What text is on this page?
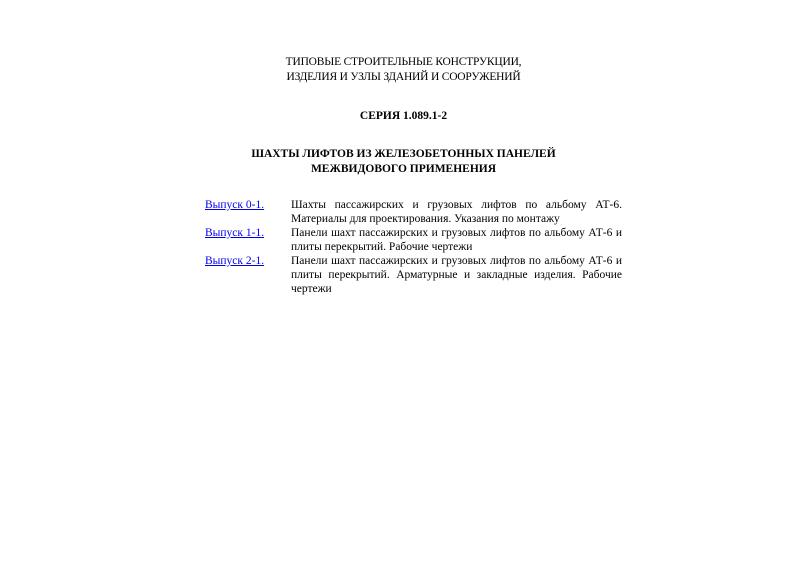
ТИПОВЫЕ СТРОИТЕЛЬНЫЕ КОНСТРУКЦИИ,
ИЗДЕЛИЯ И УЗЛЫ ЗДАНИЙ И СООРУЖЕНИЙ
СЕРИЯ 1.089.1-2
ШАХТЫ ЛИФТОВ ИЗ ЖЕЛЕЗОБЕТОННЫХ ПАНЕЛЕЙ
МЕЖВИДОВОГО ПРИМЕНЕНИЯ
Выпуск 0-1.	Шахты пассажирских и грузовых лифтов по альбому АТ-6. Материалы для проектирования. Указания по монтажу
Выпуск 1-1.	Панели шахт пассажирских и грузовых лифтов по альбому АТ-6 и плиты перекрытий. Рабочие чертежи
Выпуск 2-1.	Панели шахт пассажирских и грузовых лифтов по альбому АТ-6 и плиты перекрытий. Арматурные и закладные изделия. Рабочие чертежи
